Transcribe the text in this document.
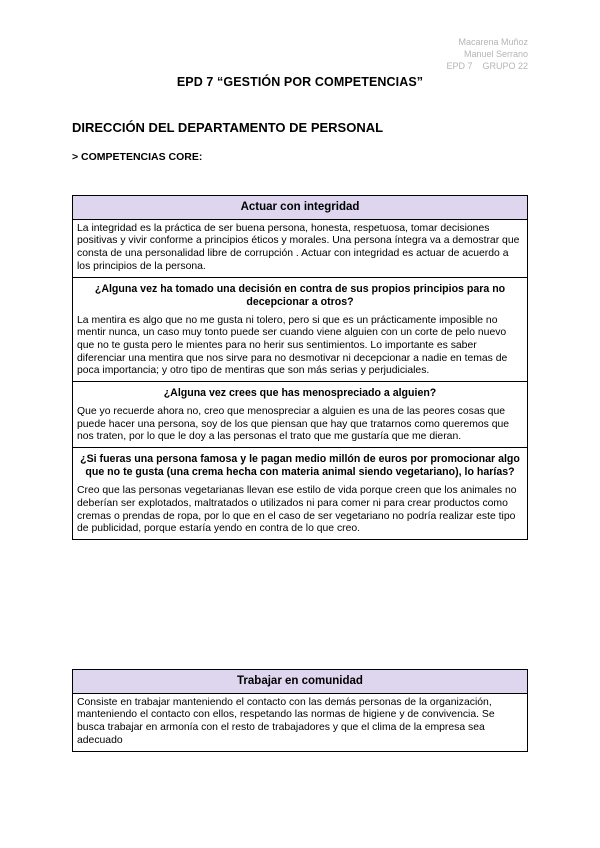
Macarena Muñoz
Manuel Serrano
EPD 7    GRUPO 22
EPD 7 “GESTIÓN POR COMPETENCIAS”
DIRECCIÓN DEL DEPARTAMENTO DE PERSONAL
> COMPETENCIAS CORE:
Actuar con integridad

La integridad es la práctica de ser buena persona, honesta, respetuosa, tomar decisiones positivas y vivir conforme a principios éticos y morales. Una persona íntegra va a demostrar que consta de una personalidad libre de corrupción . Actuar con integridad es actuar de acuerdo a los principios de la persona.

¿Alguna vez ha tomado una decisión en contra de sus propios principios para no decepcionar a otros?

La mentira es algo que no me gusta ni tolero, pero si que es un prácticamente imposible no mentir nunca, un caso muy tonto puede ser cuando viene alguien con un corte de pelo nuevo que no te gusta pero le mientes para no herir sus sentimientos. Lo importante es saber diferenciar una mentira que nos sirve para no desmotivar ni decepcionar a nadie en temas de poca importancia; y otro tipo de mentiras que son más serias y perjudiciales.

¿Alguna vez crees que has menospreciado a alguien?

Que yo recuerde ahora no, creo que menospreciar a alguien es una de las peores cosas que puede hacer una persona, soy de los que piensan que hay que tratarnos como queremos que nos traten, por lo que le doy a las personas el trato que me gustaría que me dieran.

¿Si fueras una persona famosa y le pagan medio millón de euros por promocionar algo que no te gusta (una crema hecha con materia animal siendo vegetariano), lo harías?

Creo que las personas vegetarianas llevan ese estilo de vida porque creen que los animales no deberían ser explotados, maltratados o utilizados ni para comer ni para crear productos como cremas o prendas de ropa, por lo que en el caso de ser vegetariano no podría realizar este tipo de publicidad, porque estaría yendo en contra de lo que creo.

Trabajar en comunidad

Consiste en trabajar manteniendo el contacto con las demás personas de la organización, manteniendo el contacto con ellos, respetando las normas de higiene y de convivencia. Se busca trabajar en armonía con el resto de trabajadores y que el clima de la empresa sea adecuado
